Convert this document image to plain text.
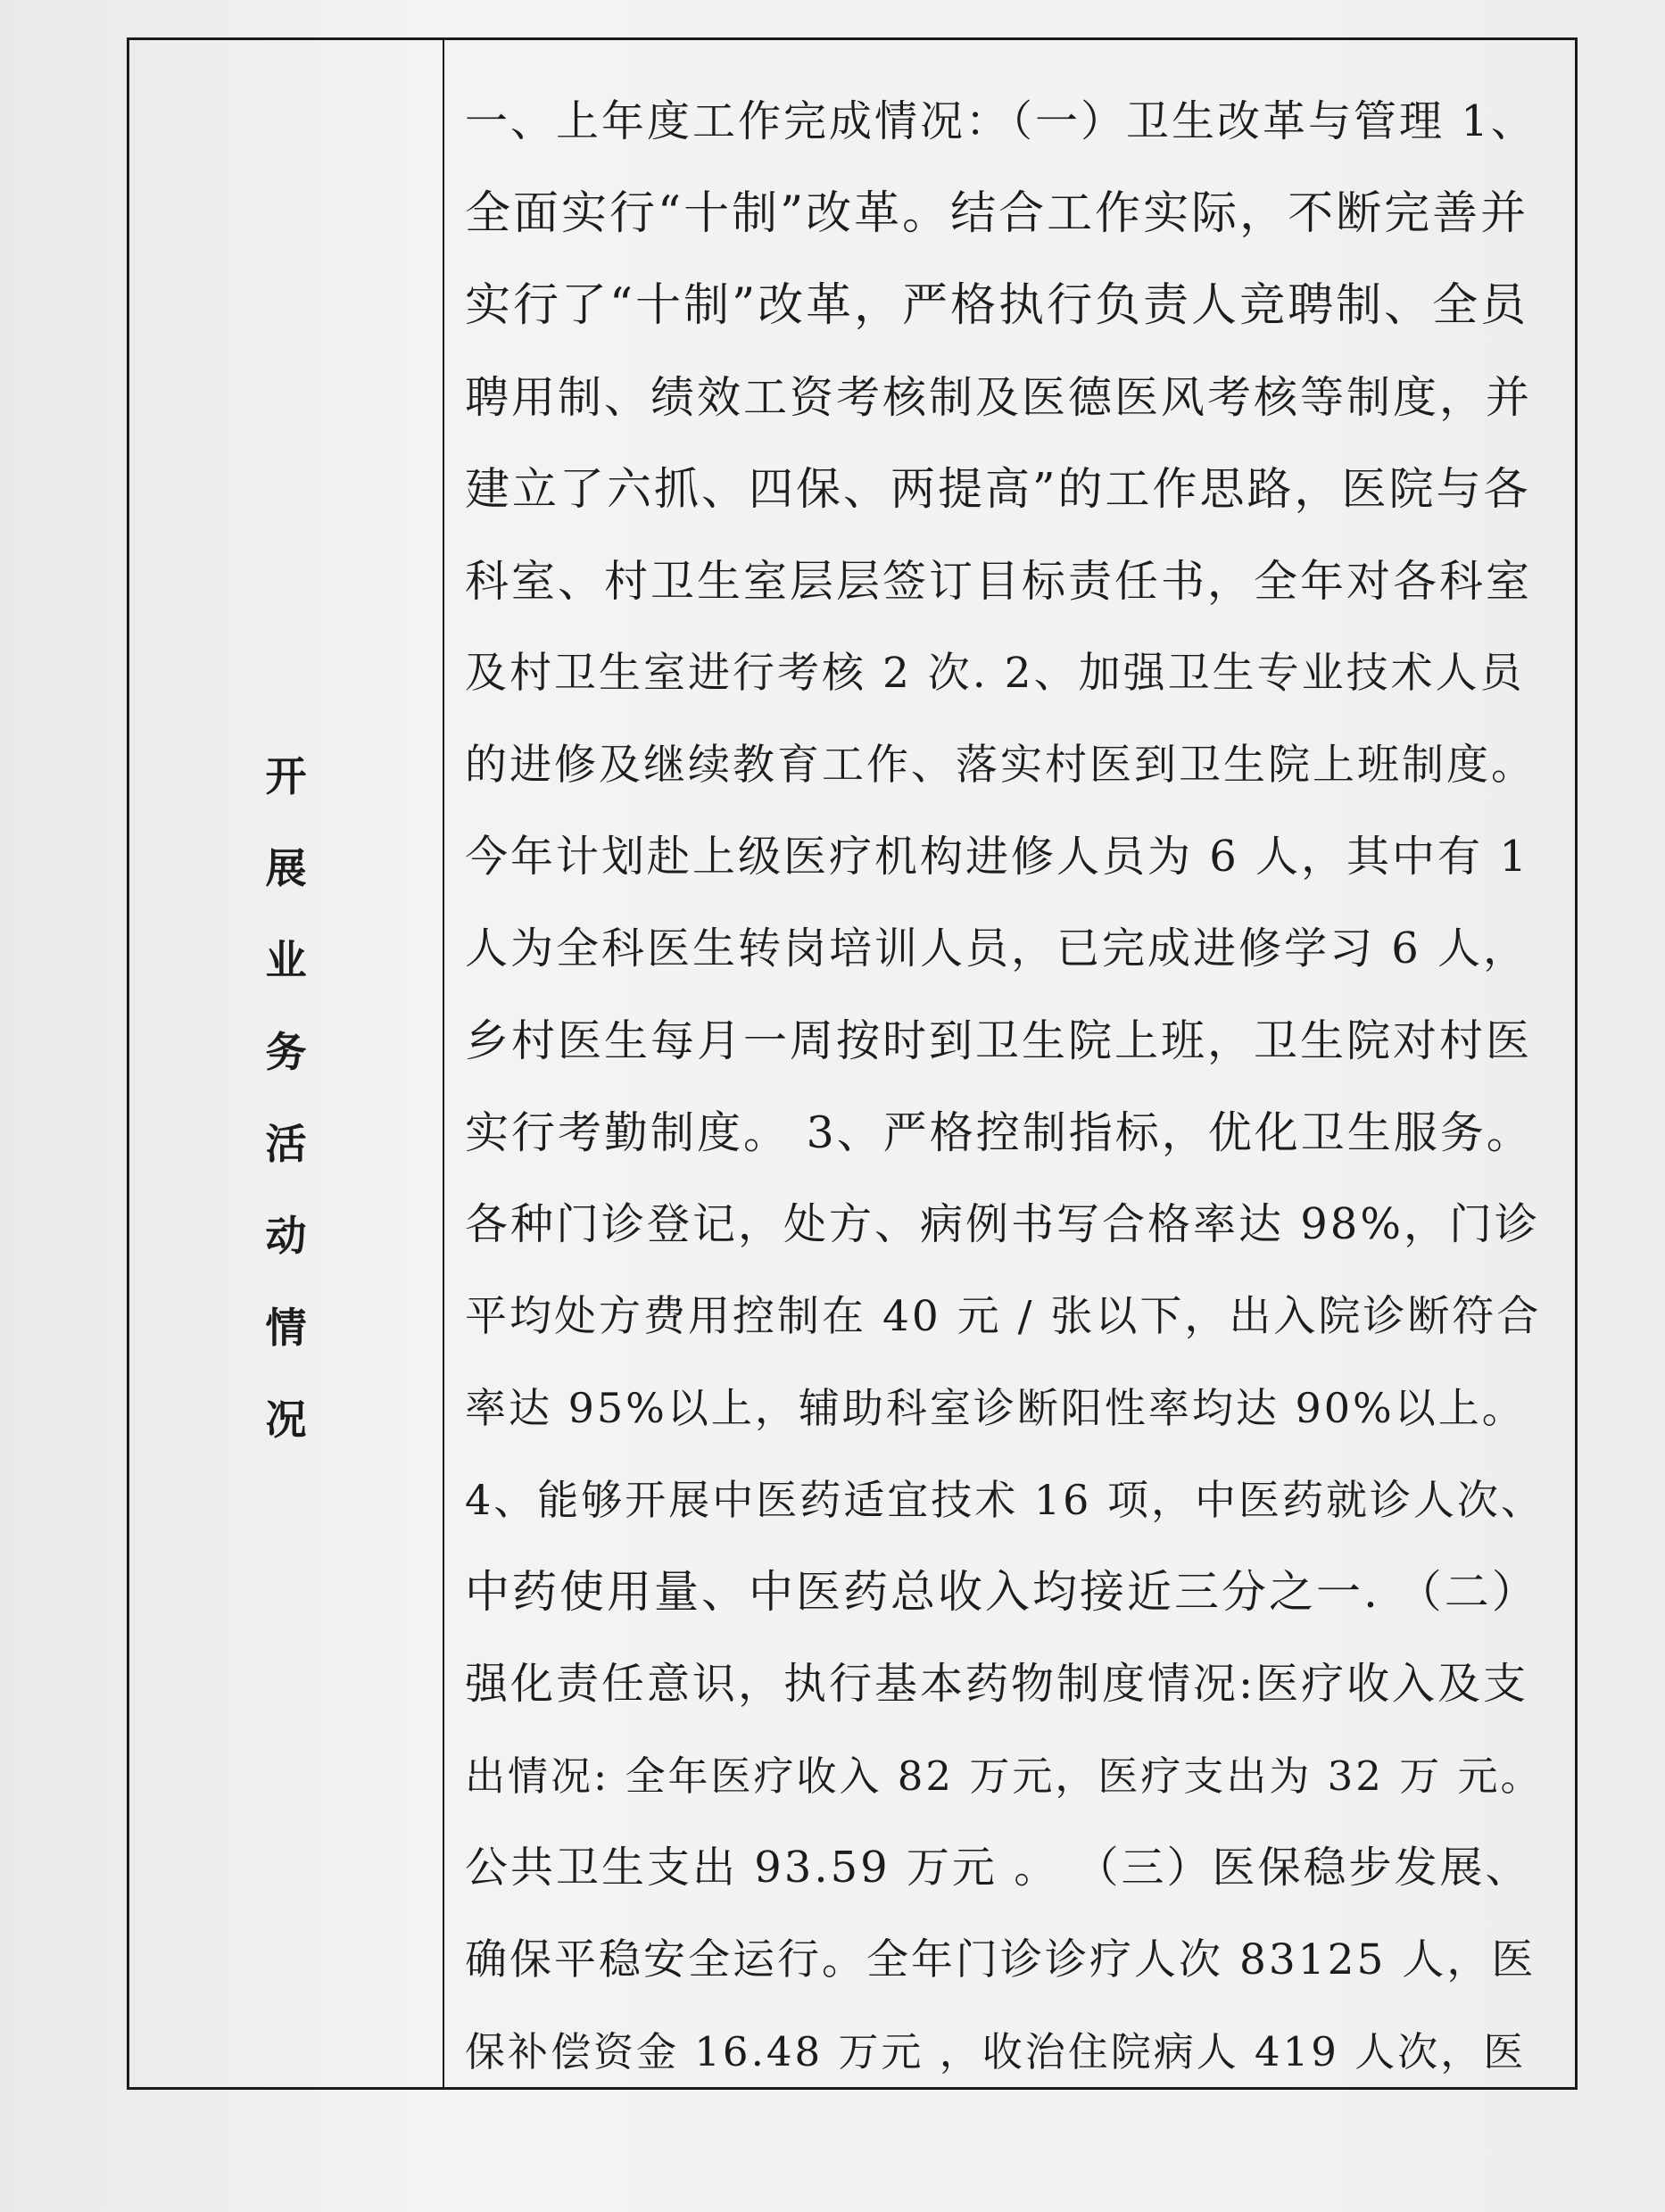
开
展
业
务
活
动
情
况
一、上年度工作完成情况：（一）卫生改革与管理 1、
全面实行“十制”改革。结合工作实际，不断完善并
实行了“十制”改革，严格执行负责人竞聘制、全员
聘用制、绩效工资考核制及医德医风考核等制度，并
建立了六抓、四保、两提高”的工作思路，医院与各
科室、村卫生室层层签订目标责任书，全年对各科室
及村卫生室进行考核 2 次. 2、加强卫生专业技术人员
的进修及继续教育工作、落实村医到卫生院上班制度。
今年计划赴上级医疗机构进修人员为 6 人，其中有 1
人为全科医生转岗培训人员，已完成进修学习 6 人，
乡村医生每月一周按时到卫生院上班，卫生院对村医
实行考勤制度。 3、严格控制指标，优化卫生服务。
各种门诊登记，处方、病例书写合格率达 98%，门诊
平均处方费用控制在 40 元 / 张以下，出入院诊断符合
率达 95%以上，辅助科室诊断阳性率均达 90%以上。
4、能够开展中医药适宜技术 16 项，中医药就诊人次、
中药使用量、中医药总收入均接近三分之一. （二）
强化责任意识，执行基本药物制度情况:医疗收入及支
出情况: 全年医疗收入 82 万元，医疗支出为 32 万 元。
公共卫生支出 93.59 万元 。 （三）医保稳步发展、
确保平稳安全运行。全年门诊诊疗人次 83125 人，医
保补偿资金 16.48 万元 ，收治住院病人 419 人次，医
